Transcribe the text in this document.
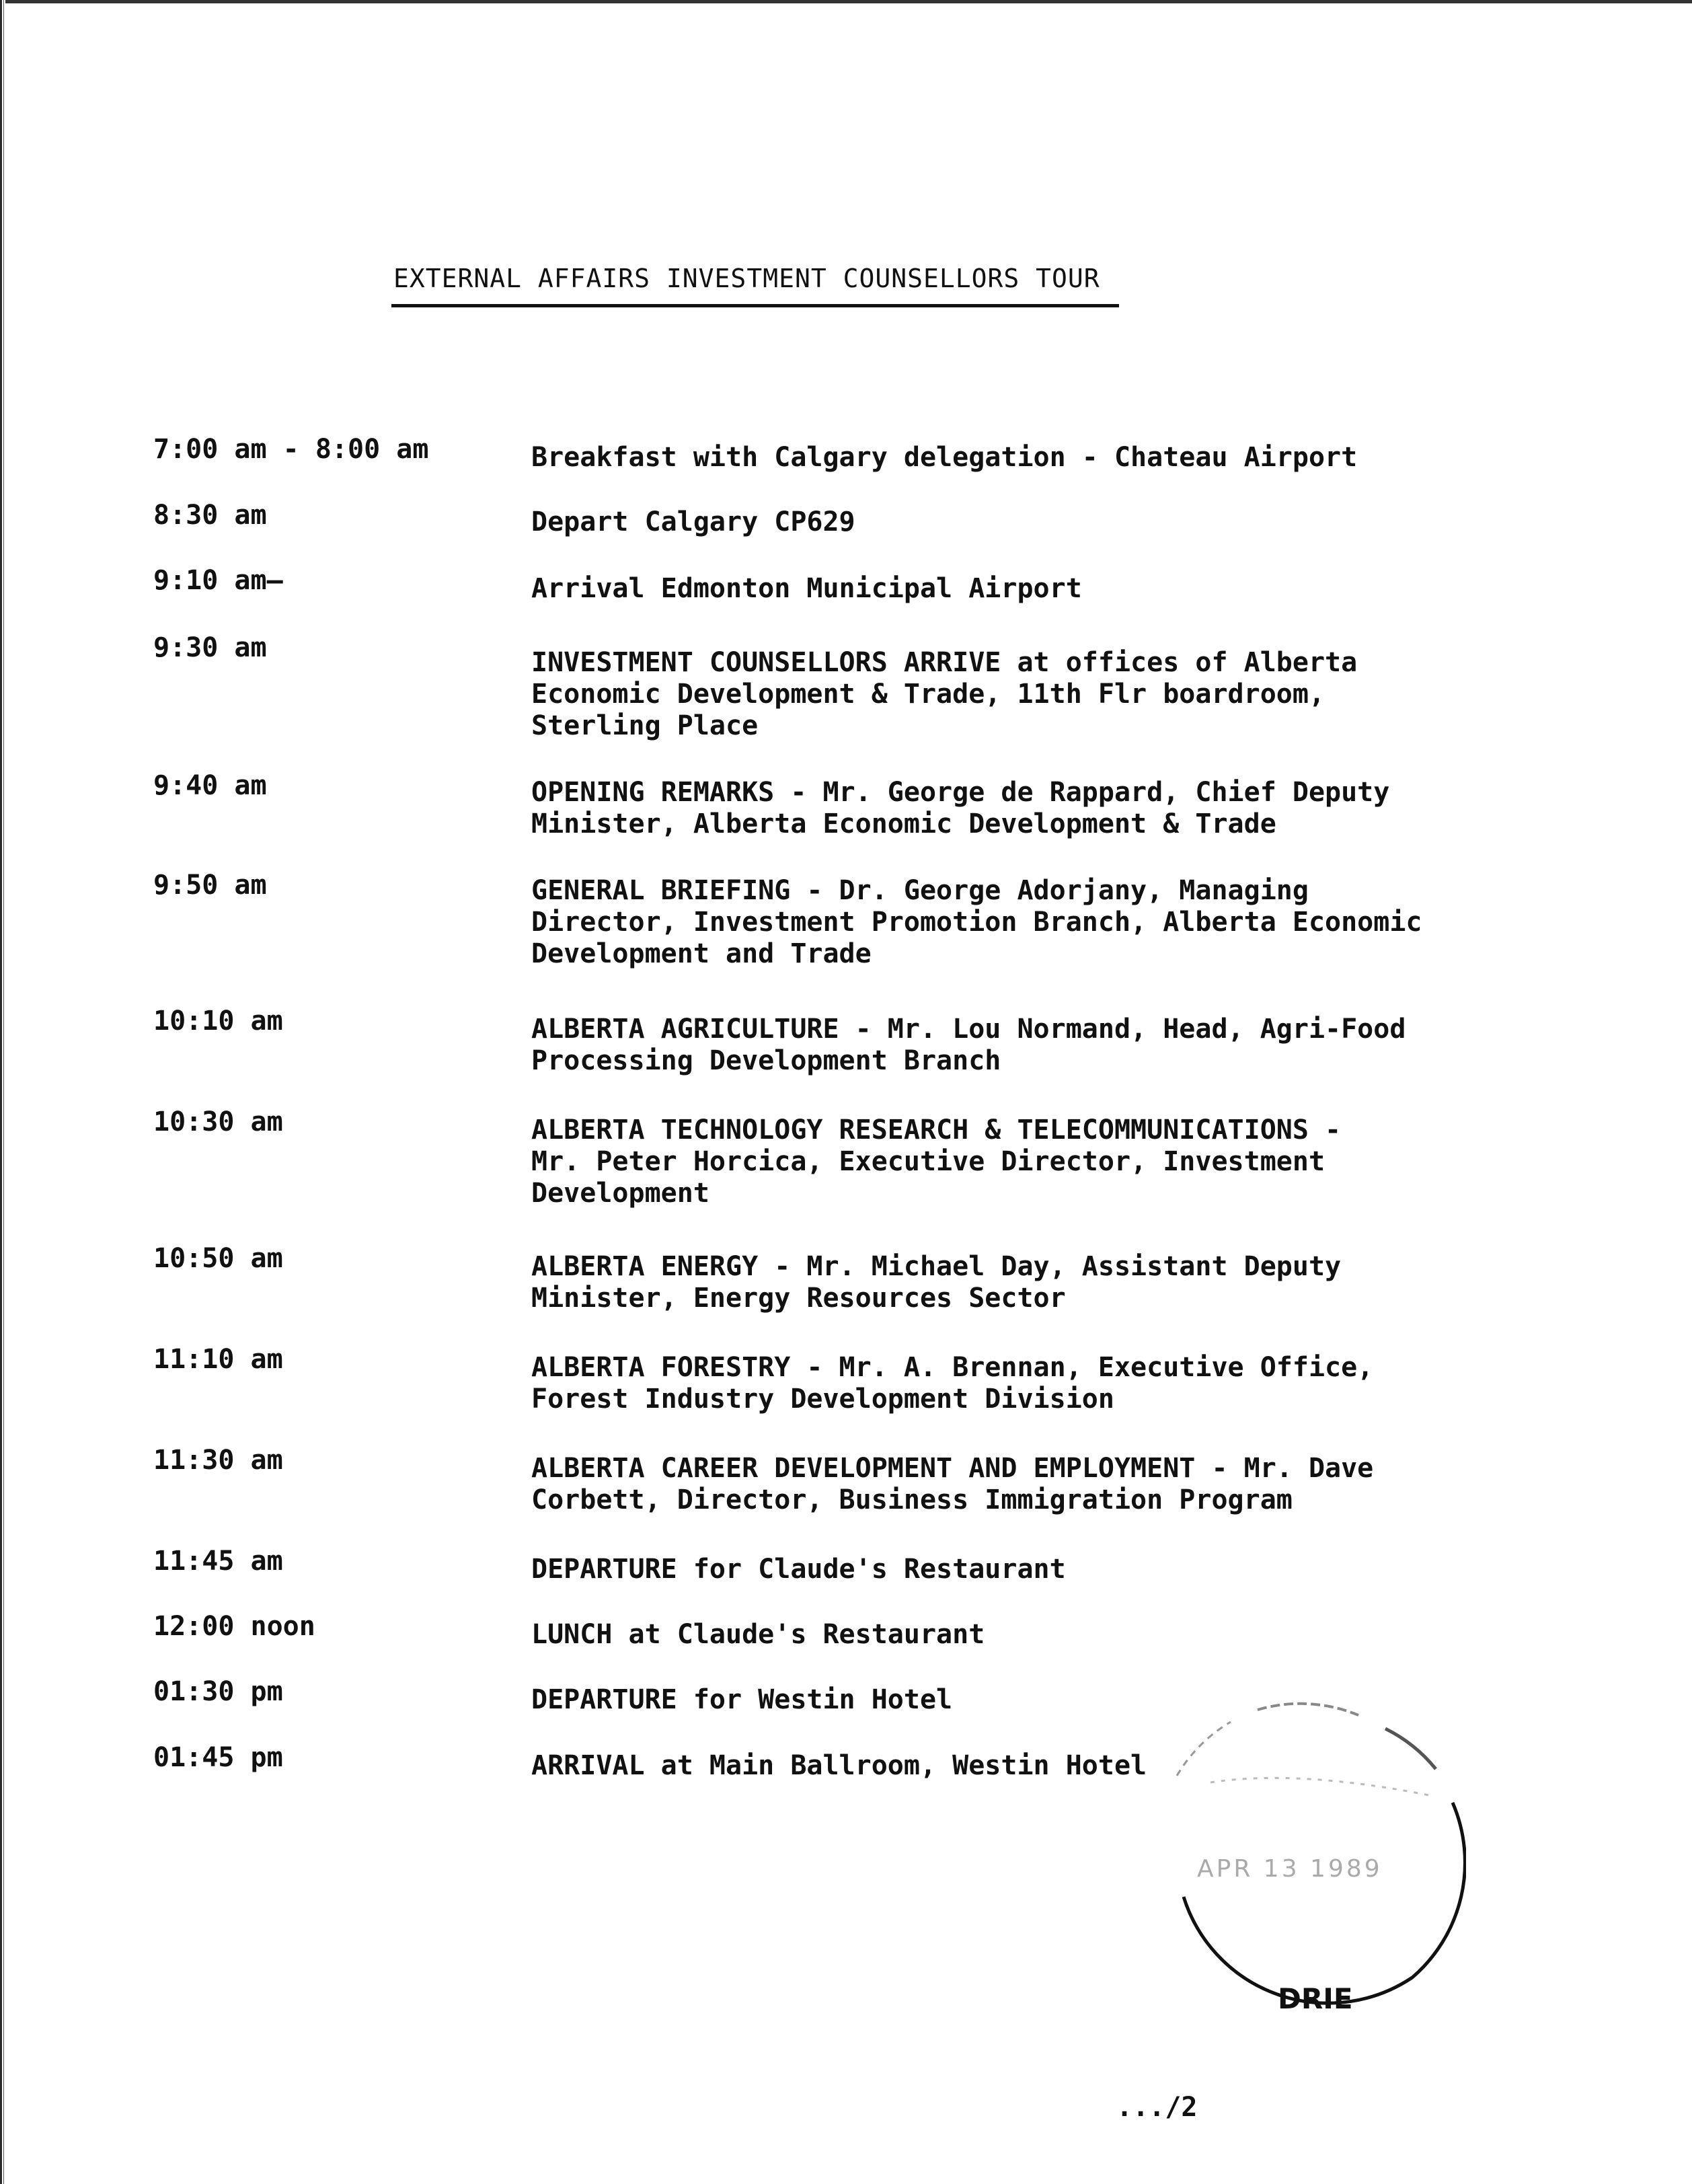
EXTERNAL AFFAIRS INVESTMENT COUNSELLORS TOUR
7:00 am - 8:00 am	Breakfast with Calgary delegation - Chateau Airport
8:30 am	Depart Calgary CP629
9:10 am—	Arrival Edmonton Municipal Airport
9:30 am	INVESTMENT COUNSELLORS ARRIVE at offices of Alberta
Economic Development & Trade, 11th Flr boardroom,
Sterling Place
9:40 am	OPENING REMARKS - Mr. George de Rappard, Chief Deputy
Minister, Alberta Economic Development & Trade
9:50 am	GENERAL BRIEFING - Dr. George Adorjany, Managing
Director, Investment Promotion Branch, Alberta Economic
Development and Trade
10:10 am	ALBERTA AGRICULTURE - Mr. Lou Normand, Head, Agri-Food
Processing Development Branch
10:30 am	ALBERTA TECHNOLOGY RESEARCH & TELECOMMUNICATIONS -
Mr. Peter Horcica, Executive Director, Investment
Development
10:50 am	ALBERTA ENERGY - Mr. Michael Day, Assistant Deputy
Minister, Energy Resources Sector
11:10 am	ALBERTA FORESTRY - Mr. A. Brennan, Executive Office,
Forest Industry Development Division
11:30 am	ALBERTA CAREER DEVELOPMENT AND EMPLOYMENT - Mr. Dave
Corbett, Director, Business Immigration Program
11:45 am	DEPARTURE for Claude's Restaurant
12:00 noon	LUNCH at Claude's Restaurant
01:30 pm	DEPARTURE for Westin Hotel
01:45 pm	ARRIVAL at Main Ballroom, Westin Hotel
APR 13 1989
DRIE
.../2
